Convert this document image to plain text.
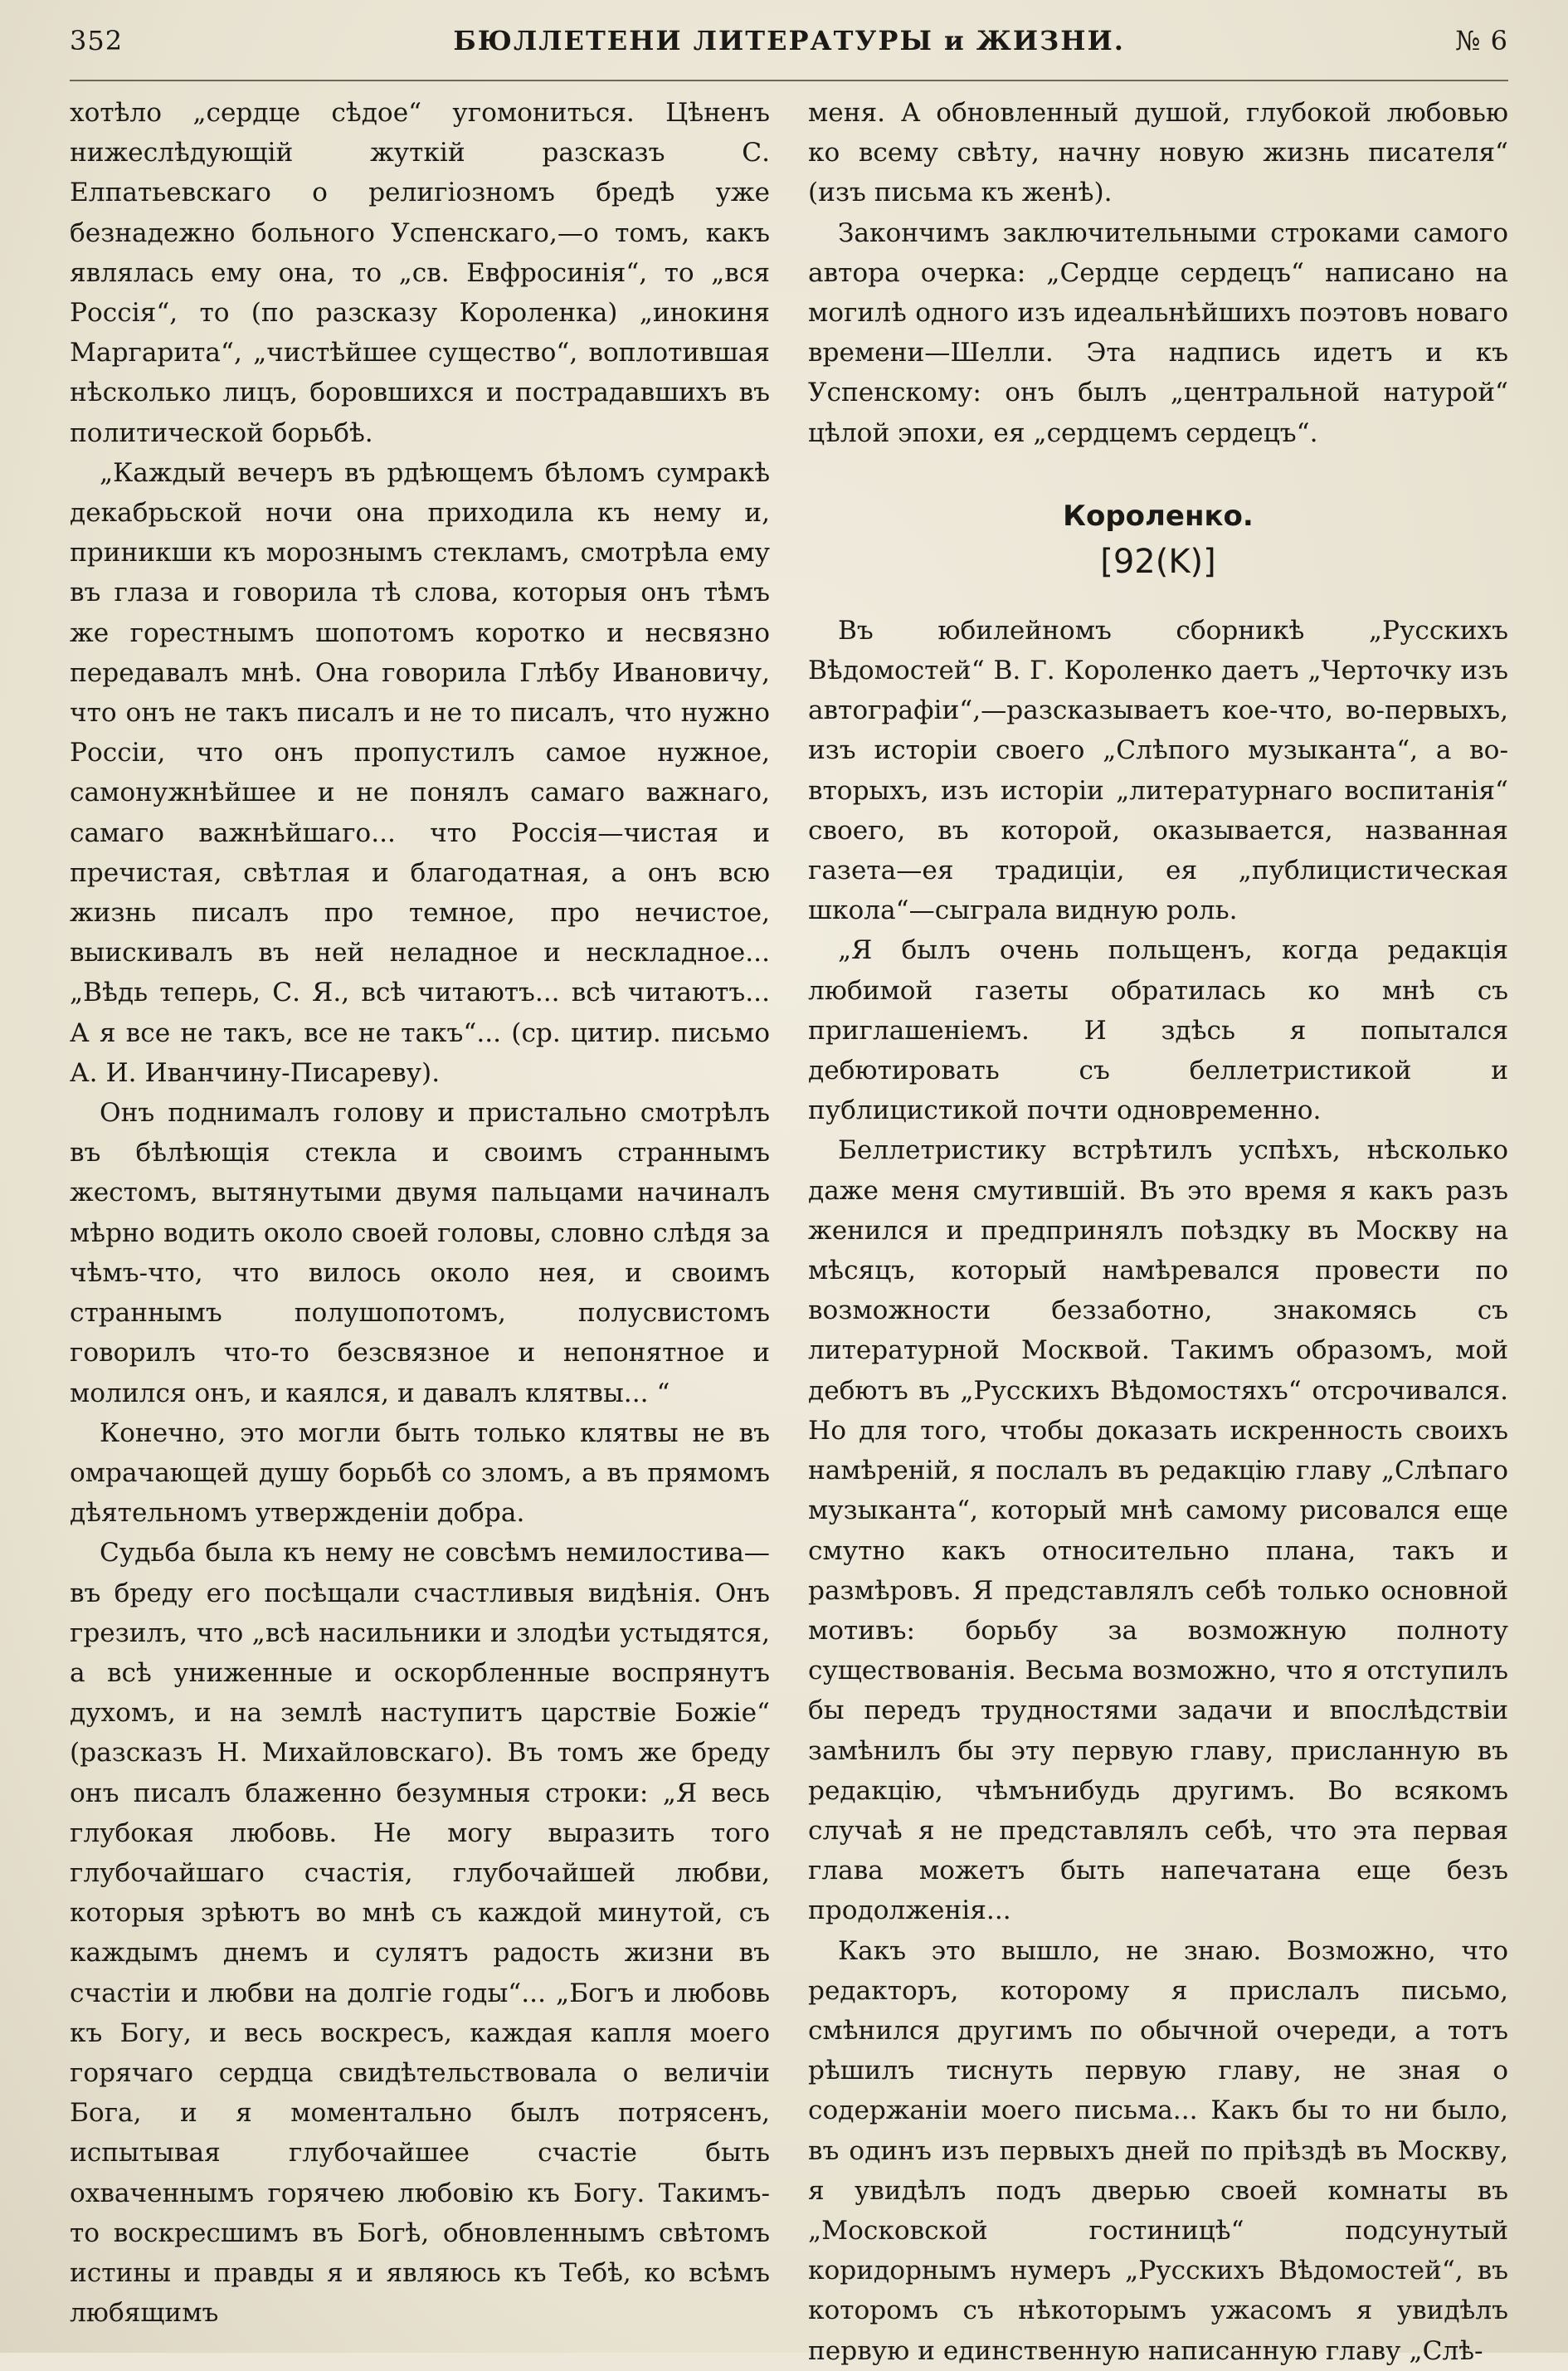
352	БЮЛЛЕТЕНИ ЛИТЕРАТУРЫ и ЖИЗНИ.	№ 6

хотѣло „сердце сѣдое“ угомониться. Цѣненъ нижеслѣдующій жуткій разсказъ С. Елпатьевскаго о религіозномъ бредѣ уже безнадежно больного Успенскаго,—о томъ, какъ являлась ему она, то „св. Евфросинія“, то „вся Россія“, то (по разсказу Короленка) „инокиня Маргарита“, „чистѣйшее существо“, воплотившая нѣсколько лицъ, боровшихся и пострадавшихъ въ политической борьбѣ.

„Каждый вечеръ въ рдѣющемъ бѣломъ сумракѣ декабрьской ночи она приходила къ нему и, приникши къ морознымъ стекламъ, смотрѣла ему въ глаза и говорила тѣ слова, которыя онъ тѣмъ же горестнымъ шопотомъ коротко и несвязно передавалъ мнѣ. Она говорила Глѣбу Ивановичу, что онъ не такъ писалъ и не то писалъ, что нужно Россіи, что онъ пропустилъ самое нужное, самонужнѣйшее и не понялъ самаго важнаго, самаго важнѣйшаго... что Россія—чистая и пречистая, свѣтлая и благодатная, а онъ всю жизнь писалъ про темное, про нечистое, выискивалъ въ ней неладное и нескладное... „Вѣдь теперь, С. Я., всѣ читаютъ... всѣ читаютъ... А я все не такъ, все не такъ“... (ср. цитир. письмо А. И. Иванчину-Писареву).

Онъ поднималъ голову и пристально смотрѣлъ въ бѣлѣющія стекла и своимъ страннымъ жестомъ, вытянутыми двумя пальцами начиналъ мѣрно водить около своей головы, словно слѣдя за чѣмъ-что, что вилось около нея, и своимъ страннымъ полушопотомъ, полусвистомъ говорилъ что-то безсвязное и непонятное и молился онъ, и каялся, и давалъ клятвы... “

Конечно, это могли быть только клятвы не въ омрачающей душу борьбѣ со зломъ, а въ прямомъ дѣятельномъ утвержденіи добра.

Судьба была къ нему не совсѣмъ немилостива—въ бреду его посѣщали счастливыя видѣнія. Онъ грезилъ, что „всѣ насильники и злодѣи устыдятся, а всѣ униженные и оскорбленные воспрянутъ духомъ, и на землѣ наступитъ царствіе Божіе“ (разсказъ Н. Михайловскаго). Въ томъ же бреду онъ писалъ блаженно безумныя строки: „Я весь глубокая любовь. Не могу выразить того глубочайшаго счастія, глубочайшей любви, которыя зрѣютъ во мнѣ съ каждой минутой, съ каждымъ днемъ и сулятъ радость жизни въ счастіи и любви на долгіе годы“... „Богъ и любовь къ Богу, и весь воскресъ, каждая капля моего горячаго сердца свидѣтельствовала о величіи Бога, и я моментально былъ потрясенъ, испытывая глубочайшее счастіе быть охваченнымъ горячею любовію къ Богу. Такимъ-то воскресшимъ въ Богѣ, обновленнымъ свѣтомъ истины и правды я и являюсь къ Тебѣ, ко всѣмъ любящимъ

меня. А обновленный душой, глубокой любовью ко всему свѣту, начну новую жизнь писателя“ (изъ письма къ женѣ).

Закончимъ заключительными строками самого автора очерка: „Сердце сердецъ“ написано на могилѣ одного изъ идеальнѣйшихъ поэтовъ новаго времени—Шелли. Эта надпись идетъ и къ Успенскому: онъ былъ „центральной натурой“ цѣлой эпохи, ея „сердцемъ сердецъ“.

Короленко.
[92(K)]

Въ юбилейномъ сборникѣ „Русскихъ Вѣдомостей“ В. Г. Короленко даетъ „Черточку изъ автографіи“,—разсказываетъ кое-что, во-первыхъ, изъ исторіи своего „Слѣпого музыканта“, а во-вторыхъ, изъ исторіи „литературнаго воспитанія“ своего, въ которой, оказывается, названная газета—ея традиціи, ея „публицистическая школа“—сыграла видную роль.

„Я былъ очень польщенъ, когда редакція любимой газеты обратилась ко мнѣ съ приглашеніемъ. И здѣсь я попытался дебютировать съ беллетристикой и публицистикой почти одновременно.

Беллетристику встрѣтилъ успѣхъ, нѣсколько даже меня смутившій. Въ это время я какъ разъ женился и предпринялъ поѣздку въ Москву на мѣсяцъ, который намѣревался провести по возможности беззаботно, знакомясь съ литературной Москвой. Такимъ образомъ, мой дебютъ въ „Русскихъ Вѣдомостяхъ“ отсрочивался. Но для того, чтобы доказать искренность своихъ намѣреній, я послалъ въ редакцію главу „Слѣпаго музыканта“, который мнѣ самому рисовался еще смутно какъ относительно плана, такъ и размѣровъ. Я представлялъ себѣ только основной мотивъ: борьбу за возможную полноту существованія. Весьма возможно, что я отступилъ бы передъ трудностями задачи и впослѣдствіи замѣнилъ бы эту первую главу, присланную въ редакцію, чѣмънибудь другимъ. Во всякомъ случаѣ я не представлялъ себѣ, что эта первая глава можетъ быть напечатана еще безъ продолженія...

Какъ это вышло, не знаю. Возможно, что редакторъ, которому я прислалъ письмо, смѣнился другимъ по обычной очереди, а тотъ рѣшилъ тиснуть первую главу, не зная о содержаніи моего письма... Какъ бы то ни было, въ одинъ изъ первыхъ дней по пріѣздѣ въ Москву, я увидѣлъ подъ дверью своей комнаты въ „Московской гостиницѣ“ подсунутый коридорнымъ нумеръ „Русскихъ Вѣдомостей“, въ которомъ съ нѣкоторымъ ужасомъ я увидѣлъ первую и единственную написанную главу „Слѣ-
